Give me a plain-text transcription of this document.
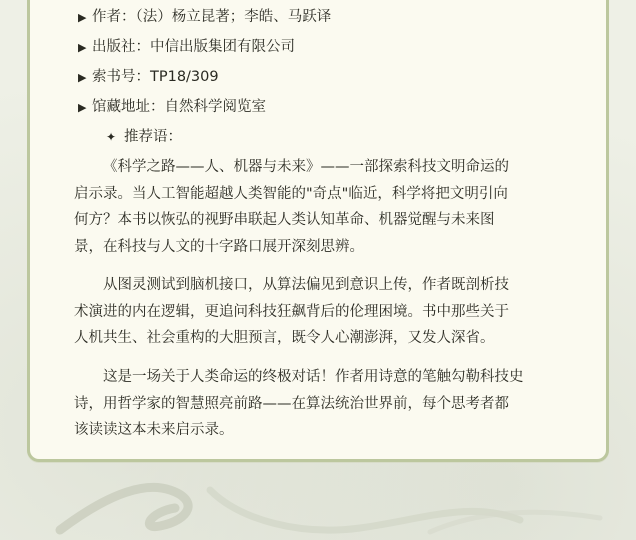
▶ 作者：（法）杨立昆著；李皓、马跃译
▶ 出版社：中信出版集团有限公司
▶ 索书号：TP18/309
▶ 馆藏地址：自然科学阅览室
✦ 推荐语：
《科学之路——人、机器与未来》——一部探索科技文明命运的
启示录。当人工智能超越人类智能的"奇点"临近，科学将把文明引向
何方？本书以恢弘的视野串联起人类认知革命、机器觉醒与未来图
景，在科技与人文的十字路口展开深刻思辨。
从图灵测试到脑机接口，从算法偏见到意识上传，作者既剖析技
术演进的内在逻辑，更追问科技狂飙背后的伦理困境。书中那些关于
人机共生、社会重构的大胆预言，既令人心潮澎湃，又发人深省。
这是一场关于人类命运的终极对话！作者用诗意的笔触勾勒科技史
诗，用哲学家的智慧照亮前路——在算法统治世界前，每个思考者都
该读读这本未来启示录。
